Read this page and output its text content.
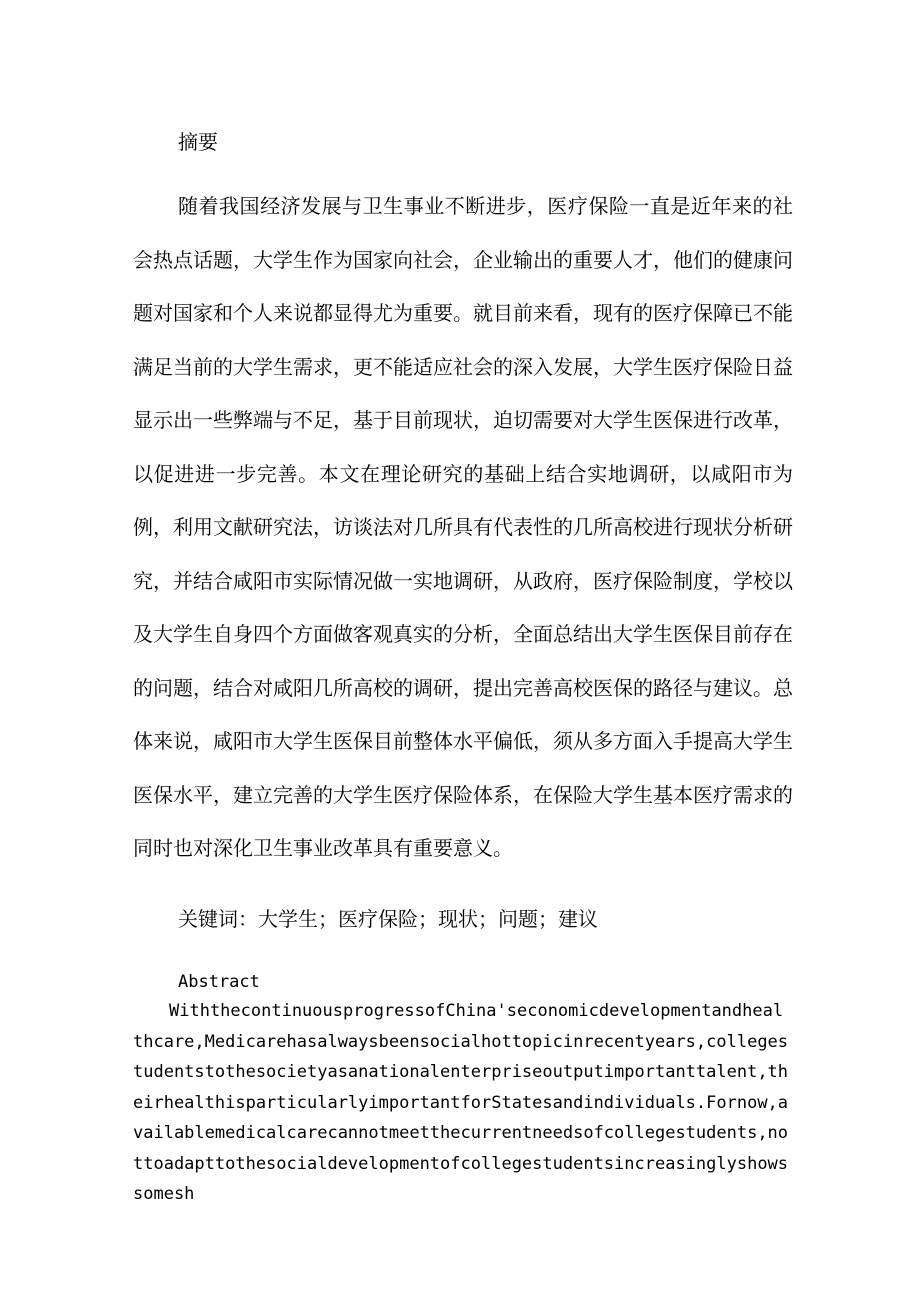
摘要

随着我国经济发展与卫生事业不断进步，医疗保险一直是近年来的社会热点话题，大学生作为国家向社会，企业输出的重要人才，他们的健康问题对国家和个人来说都显得尤为重要。就目前来看，现有的医疗保障已不能满足当前的大学生需求，更不能适应社会的深入发展，大学生医疗保险日益显示出一些弊端与不足，基于目前现状，迫切需要对大学生医保进行改革，以促进进一步完善。本文在理论研究的基础上结合实地调研，以咸阳市为例，利用文献研究法，访谈法对几所具有代表性的几所高校进行现状分析研究，并结合咸阳市实际情况做一实地调研，从政府，医疗保险制度，学校以及大学生自身四个方面做客观真实的分析，全面总结出大学生医保目前存在的问题，结合对咸阳几所高校的调研，提出完善高校医保的路径与建议。总体来说，咸阳市大学生医保目前整体水平偏低，须从多方面入手提高大学生医保水平，建立完善的大学生医疗保险体系，在保险大学生基本医疗需求的同时也对深化卫生事业改革具有重要意义。

关键词：大学生；医疗保险；现状；问题；建议

Abstract

WiththecontinuousprogressofChina'seconomicdevelopmentandhealthcare,Medicarehasalwaysbeensocialhottopicinrecentyears,collegestudentstothesocietyasanationalenterpriseoutputimportanttalent,theirhealthisparticularlyimportantforStatesandindividuals.Fornow,availablemedicalcarecannotmeetthecurrentneedsofcollegestudents,nottoadapttothesocialdevelopmentofcollegestudentsincreasinglyshowssomesh
